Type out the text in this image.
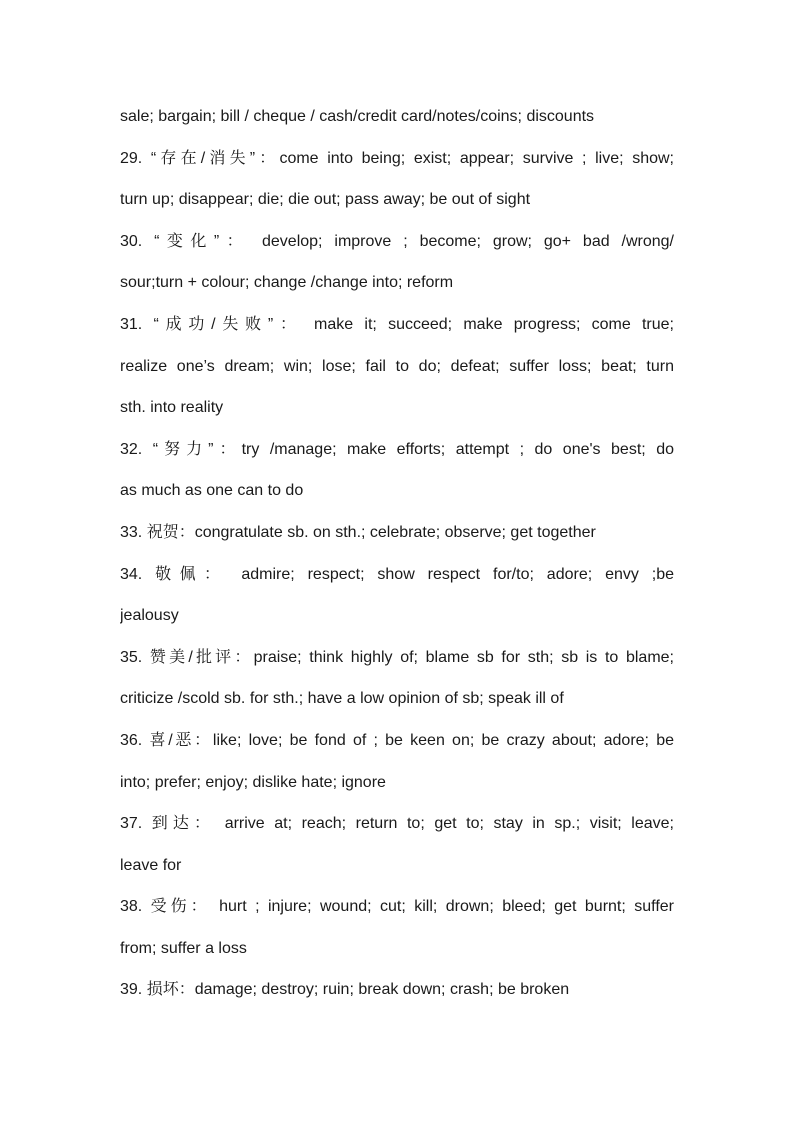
sale; bargain; bill / cheque / cash/credit card/notes/coins; discounts
29. “存在/消失”：come into being; exist; appear; survive ; live; show;
turn up; disappear; die; die out; pass away; be out of sight
30. “变化”： develop; improve ; become; grow; go+ bad /wrong/
sour;turn + colour; change /change into; reform
31. “成功/失败”： make it; succeed; make progress; come true;
realize one’s dream; win; lose; fail to do; defeat; suffer loss; beat; turn
sth. into reality
32. “努力”：try /manage; make efforts; attempt ; do one's best; do
as much as one can to do
33. 祝贺：congratulate sb. on sth.; celebrate; observe; get together
34. 敬佩： admire; respect; show respect for/to; adore; envy ;be
jealousy
35. 赞美/批评：praise; think highly of; blame sb for sth; sb is to blame;
criticize /scold sb. for sth.; have a low opinion of sb; speak ill of
36. 喜/恶：like; love; be fond of ; be keen on; be crazy about; adore; be
into; prefer; enjoy; dislike hate; ignore
37. 到达： arrive at; reach; return to; get to; stay in sp.; visit; leave;
leave for
38. 受伤： hurt ; injure; wound; cut; kill; drown; bleed; get burnt; suffer
from; suffer a loss
39. 损坏：damage; destroy; ruin; break down; crash; be broken
